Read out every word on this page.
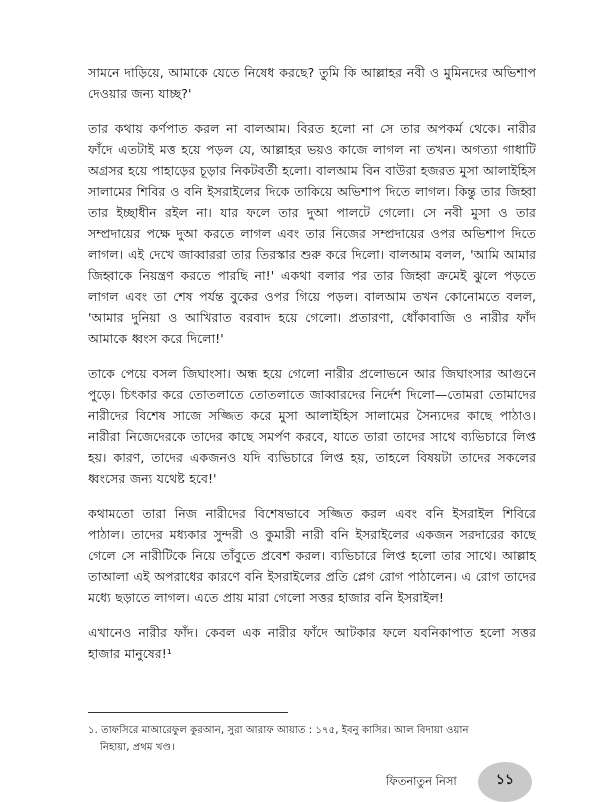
সামনে দাড়িয়ে, আমাকে যেতে নিষেধ করছে? তুমি কি আল্লাহর নবী ও মুমিনদের অভিশাপ দেওয়ার জন্য যাচ্ছ?'

তার কথায় কর্ণপাত করল না বালআম। বিরত হলো না সে তার অপকর্ম থেকে। নারীর ফাঁদে এতটাই মত্ত হয়ে পড়ল যে, আল্লাহর ভয়ও কাজে লাগল না তখন। অগত্যা গাধাটি অগ্রসর হয়ে পাহাড়ের চূড়ার নিকটবর্তী হলো। বালআম বিন বাউরা হজরত মুসা আলাইহিস সালামের শিবির ও বনি ইসরাইলের দিকে তাকিয়ে অভিশাপ দিতে লাগল। কিন্তু তার জিহ্বা তার ইচ্ছাধীন রইল না। যার ফলে তার দুআ পালটে গেলো। সে নবী মুসা ও তার সম্প্রদায়ের পক্ষে দুআ করতে লাগল এবং তার নিজের সম্প্রদায়ের ওপর অভিশাপ দিতে লাগল। এই দেখে জাব্বাররা তার তিরস্কার শুরু করে দিলো। বালআম বলল, 'আমি আমার জিহ্বাকে নিয়ন্ত্রণ করতে পারছি না!' একথা বলার পর তার জিহ্বা ক্রমেই ঝুলে পড়তে লাগল এবং তা শেষ পর্যন্ত বুকের ওপর গিয়ে পড়ল। বালআম তখন কোনোমতে বলল, 'আমার দুনিয়া ও আখিরাত বরবাদ হয়ে গেলো। প্রতারণা, ধোঁকাবাজি ও নারীর ফাঁদ আমাকে ধ্বংস করে দিলো!'

তাকে পেয়ে বসল জিঘাংসা। অন্ধ হয়ে গেলো নারীর প্রলোভনে আর জিঘাংসার আগুনে পুড়ে। চিৎকার করে তোতলাতে তোতলাতে জাব্বারদের নির্দেশ দিলো—তোমরা তোমাদের নারীদের বিশেষ সাজে সজ্জিত করে মুসা আলাইহিস সালামের সৈন্যদের কাছে পাঠাও। নারীরা নিজেদেরকে তাদের কাছে সমর্পণ করবে, যাতে তারা তাদের সাথে ব্যভিচারে লিপ্ত হয়। কারণ, তাদের একজনও যদি ব্যভিচারে লিপ্ত হয়, তাহলে বিষয়টা তাদের সকলের ধ্বংসের জন্য যথেষ্ট হবে!'

কথামতো তারা নিজ নারীদের বিশেষভাবে সজ্জিত করল এবং বনি ইসরাইল শিবিরে পাঠাল। তাদের মধ্যকার সুন্দরী ও কুমারী নারী বনি ইসরাইলের একজন সরদারের কাছে গেলে সে নারীটিকে নিয়ে তাঁবুতে প্রবেশ করল। ব্যভিচারে লিপ্ত হলো তার সাথে। আল্লাহ তাআলা এই অপরাধের কারণে বনি ইসরাইলের প্রতি প্লেগ রোগ পাঠালেন। এ রোগ তাদের মধ্যে ছড়াতে লাগল। এতে প্রায় মারা গেলো সত্তর হাজার বনি ইসরাইল!

এখানেও নারীর ফাঁদ। কেবল এক নারীর ফাঁদে আটকার ফলে যবনিকাপাত হলো সত্তর হাজার মানুষের!¹

১. তাফসিরে মাআরেফুল কুরআন, সুরা আরাফ আয়াত : ১৭৫, ইবনু কাসির। আল বিদায়া ওয়ান
নিহায়া, প্রথম খণ্ড।
ফিতনাতুন নিসা	১১
